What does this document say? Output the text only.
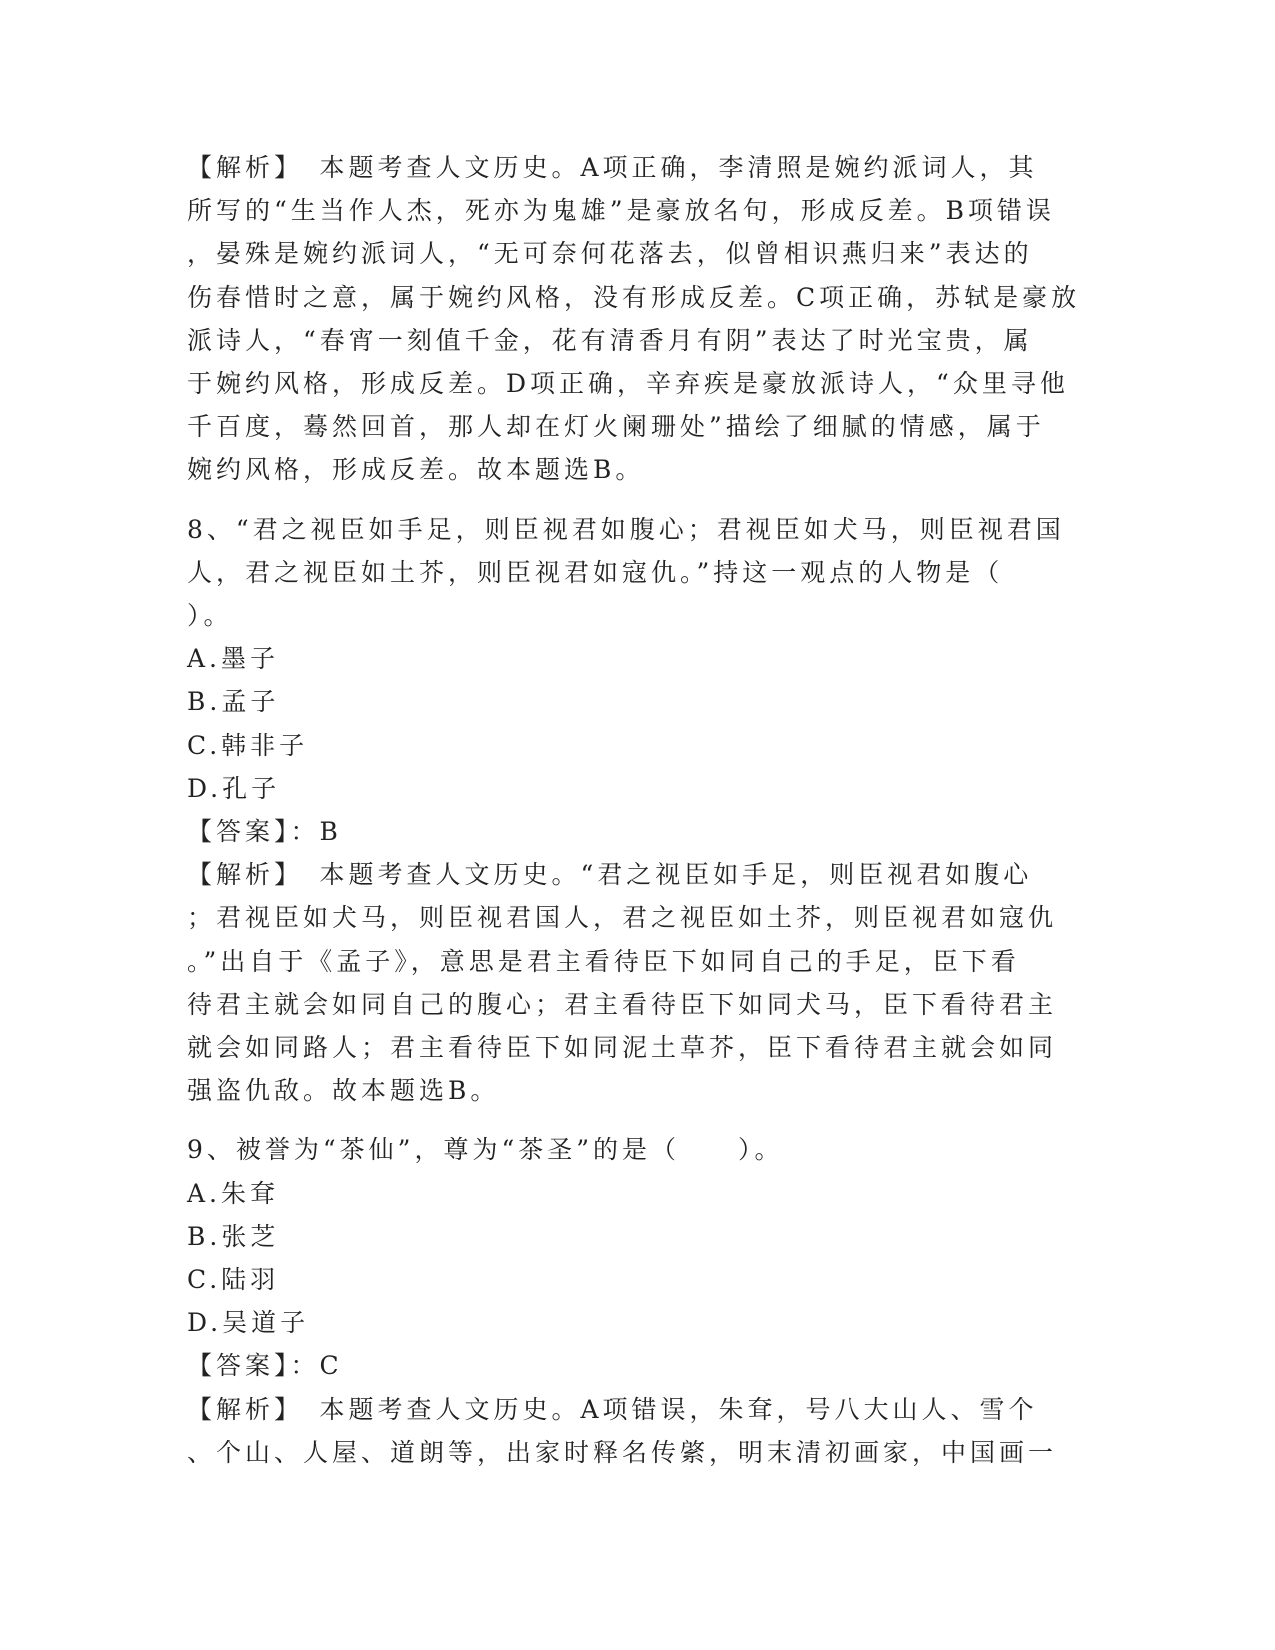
【解析】　本题考查人文历史。A项正确，李清照是婉约派词人，其
所写的“生当作人杰，死亦为鬼雄”是豪放名句，形成反差。B项错误
，晏殊是婉约派词人，“无可奈何花落去，似曾相识燕归来”表达的
伤春惜时之意，属于婉约风格，没有形成反差。C项正确，苏轼是豪放
派诗人，“春宵一刻值千金，花有清香月有阴”表达了时光宝贵，属
于婉约风格，形成反差。D项正确，辛弃疾是豪放派诗人，“众里寻他
千百度，蓦然回首，那人却在灯火阑珊处”描绘了细腻的情感，属于
婉约风格，形成反差。故本题选B。
8、“君之视臣如手足，则臣视君如腹心；君视臣如犬马，则臣视君国
人，君之视臣如土芥，则臣视君如寇仇。”持这一观点的人物是（
）。
A.墨子
B.孟子
C.韩非子
D.孔子
【答案】：B
【解析】　本题考查人文历史。“君之视臣如手足，则臣视君如腹心
；君视臣如犬马，则臣视君国人，君之视臣如土芥，则臣视君如寇仇
。”出自于《孟子》，意思是君主看待臣下如同自己的手足，臣下看
待君主就会如同自己的腹心；君主看待臣下如同犬马，臣下看待君主
就会如同路人；君主看待臣下如同泥土草芥，臣下看待君主就会如同
强盗仇敌。故本题选B。
9、被誉为“茶仙”，尊为“茶圣”的是（　　）。
A.朱耷
B.张芝
C.陆羽
D.吴道子
【答案】：C
【解析】　本题考查人文历史。A项错误，朱耷，号八大山人、雪个
、个山、人屋、道朗等，出家时释名传綮，明末清初画家，中国画一
